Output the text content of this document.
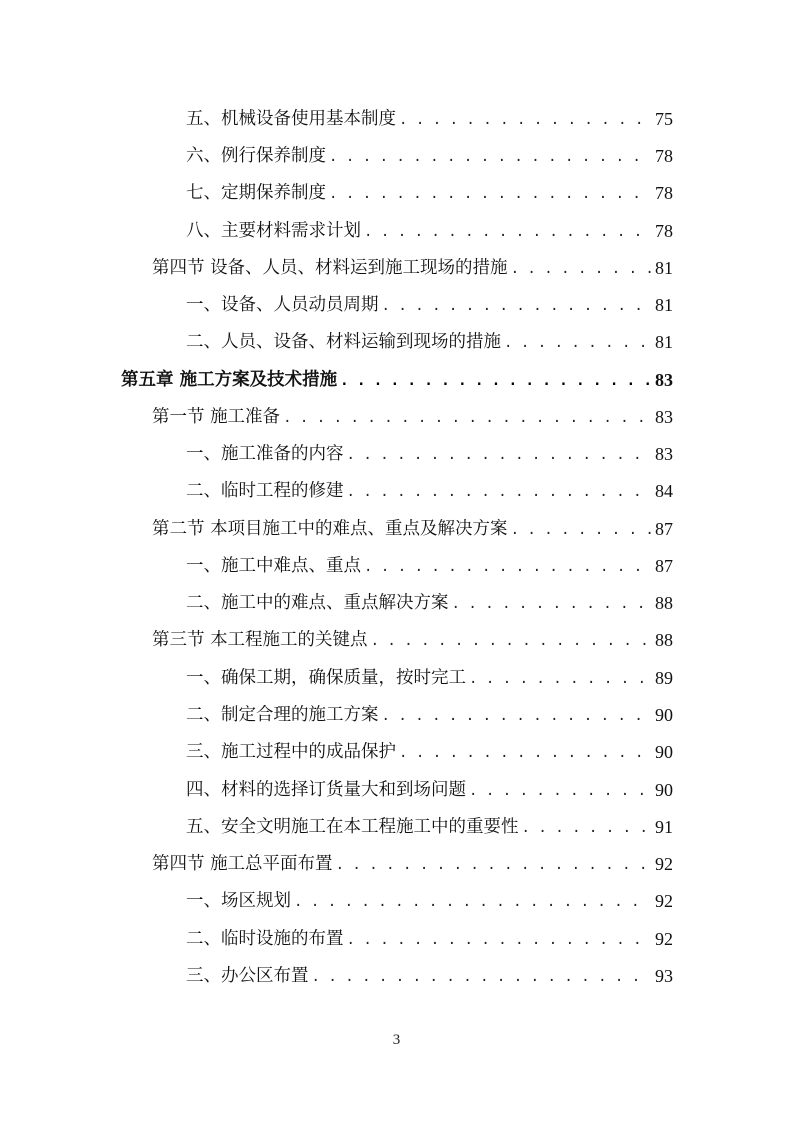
五、机械设备使用基本制度 . . .	75
六、例行保养制度 . . .	78
七、定期保养制度 . . .	78
八、主要材料需求计划 . . .	78
第四节 设备、人员、材料运到施工现场的措施 . . .	81
一、设备、人员动员周期 . . .	81
二、人员、设备、材料运输到现场的措施 . . .	81
第五章 施工方案及技术措施 . . .	83
第一节 施工准备 . . .	83
一、施工准备的内容 . . .	83
二、临时工程的修建 . . .	84
第二节 本项目施工中的难点、重点及解决方案 . . .	87
一、施工中难点、重点 . . .	87
二、施工中的难点、重点解决方案 . . .	88
第三节 本工程施工的关键点 . . .	88
一、确保工期，确保质量，按时完工 . . .	89
二、制定合理的施工方案 . . .	90
三、施工过程中的成品保护 . . .	90
四、材料的选择订货量大和到场问题 . . .	90
五、安全文明施工在本工程施工中的重要性 . . .	91
第四节 施工总平面布置 . . .	92
一、场区规划 . . .	92
二、临时设施的布置 . . .	92
三、办公区布置 . . .	93
3
